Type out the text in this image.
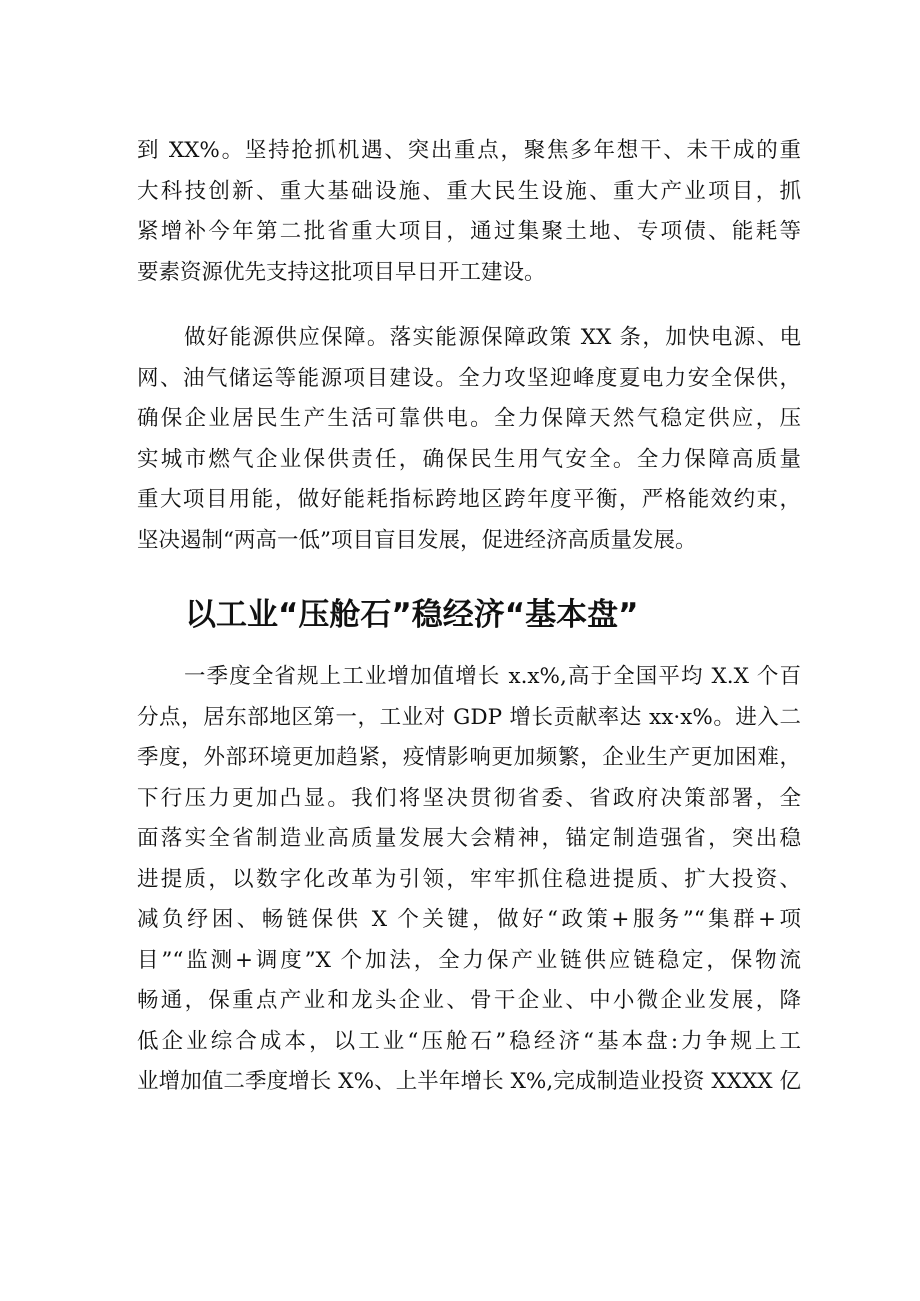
到 XX%。坚持抢抓机遇、突出重点，聚焦多年想干、未干成的重
大科技创新、重大基础设施、重大民生设施、重大产业项目，抓
紧增补今年第二批省重大项目，通过集聚土地、专项债、能耗等
要素资源优先支持这批项目早日开工建设。
做好能源供应保障。落实能源保障政策 XX 条，加快电源、电
网、油气储运等能源项目建设。全力攻坚迎峰度夏电力安全保供，
确保企业居民生产生活可靠供电。全力保障天然气稳定供应，压
实城市燃气企业保供责任，确保民生用气安全。全力保障高质量
重大项目用能，做好能耗指标跨地区跨年度平衡，严格能效约束，
坚决遏制“两高一低”项目盲目发展，促进经济高质量发展。
以工业“压舱石”稳经济“基本盘”
一季度全省规上工业增加值增长 x.x%,高于全国平均 X.X 个百
分点，居东部地区第一，工业对 GDP 增长贡献率达 xx·x%。进入二
季度，外部环境更加趋紧，疫情影响更加频繁，企业生产更加困难，
下行压力更加凸显。我们将坚决贯彻省委、省政府决策部署，全
面落实全省制造业高质量发展大会精神，锚定制造强省，突出稳
进提质，以数字化改革为引领，牢牢抓住稳进提质、扩大投资、
减负纾困、畅链保供 X 个关键，做好“政策+服务”“集群+项
目”“监测+调度”X 个加法，全力保产业链供应链稳定，保物流
畅通，保重点产业和龙头企业、骨干企业、中小微企业发展，降
低企业综合成本，以工业“压舱石”稳经济“基本盘:力争规上工
业增加值二季度增长 X%、上半年增长 X%,完成制造业投资 XXXX 亿
